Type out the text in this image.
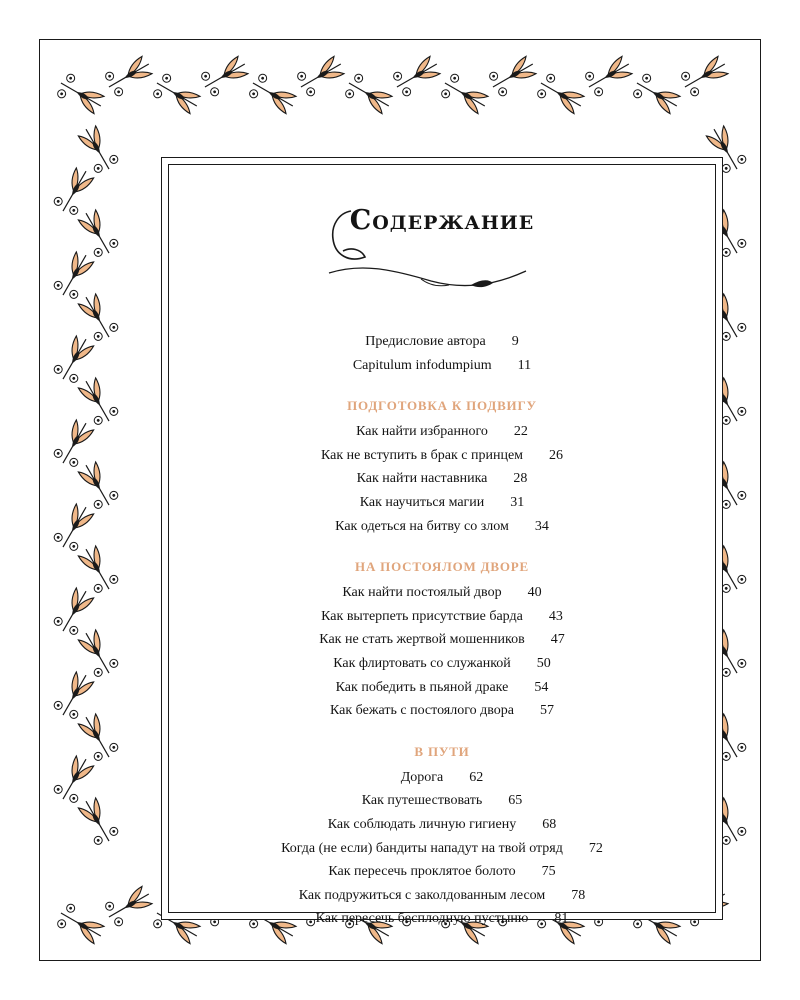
Содержание
Предисловие автора 9
Capitulum infodumpium 11
ПОДГОТОВКА К ПОДВИГУ
Как найти избранного 22
Как не вступить в брак с принцем 26
Как найти наставника 28
Как научиться магии 31
Как одеться на битву со злом 34
НА ПОСТОЯЛОМ ДВОРЕ
Как найти постоялый двор 40
Как вытерпеть присутствие барда 43
Как не стать жертвой мошенников 47
Как флиртовать со служанкой 50
Как победить в пьяной драке 54
Как бежать с постоялого двора 57
В ПУТИ
Дорога 62
Как путешествовать 65
Как соблюдать личную гигиену 68
Когда (не если) бандиты нападут на твой отряд 72
Как пересечь проклятое болото 75
Как подружиться с заколдованным лесом 78
Как пересечь бесплодную пустыню 81
